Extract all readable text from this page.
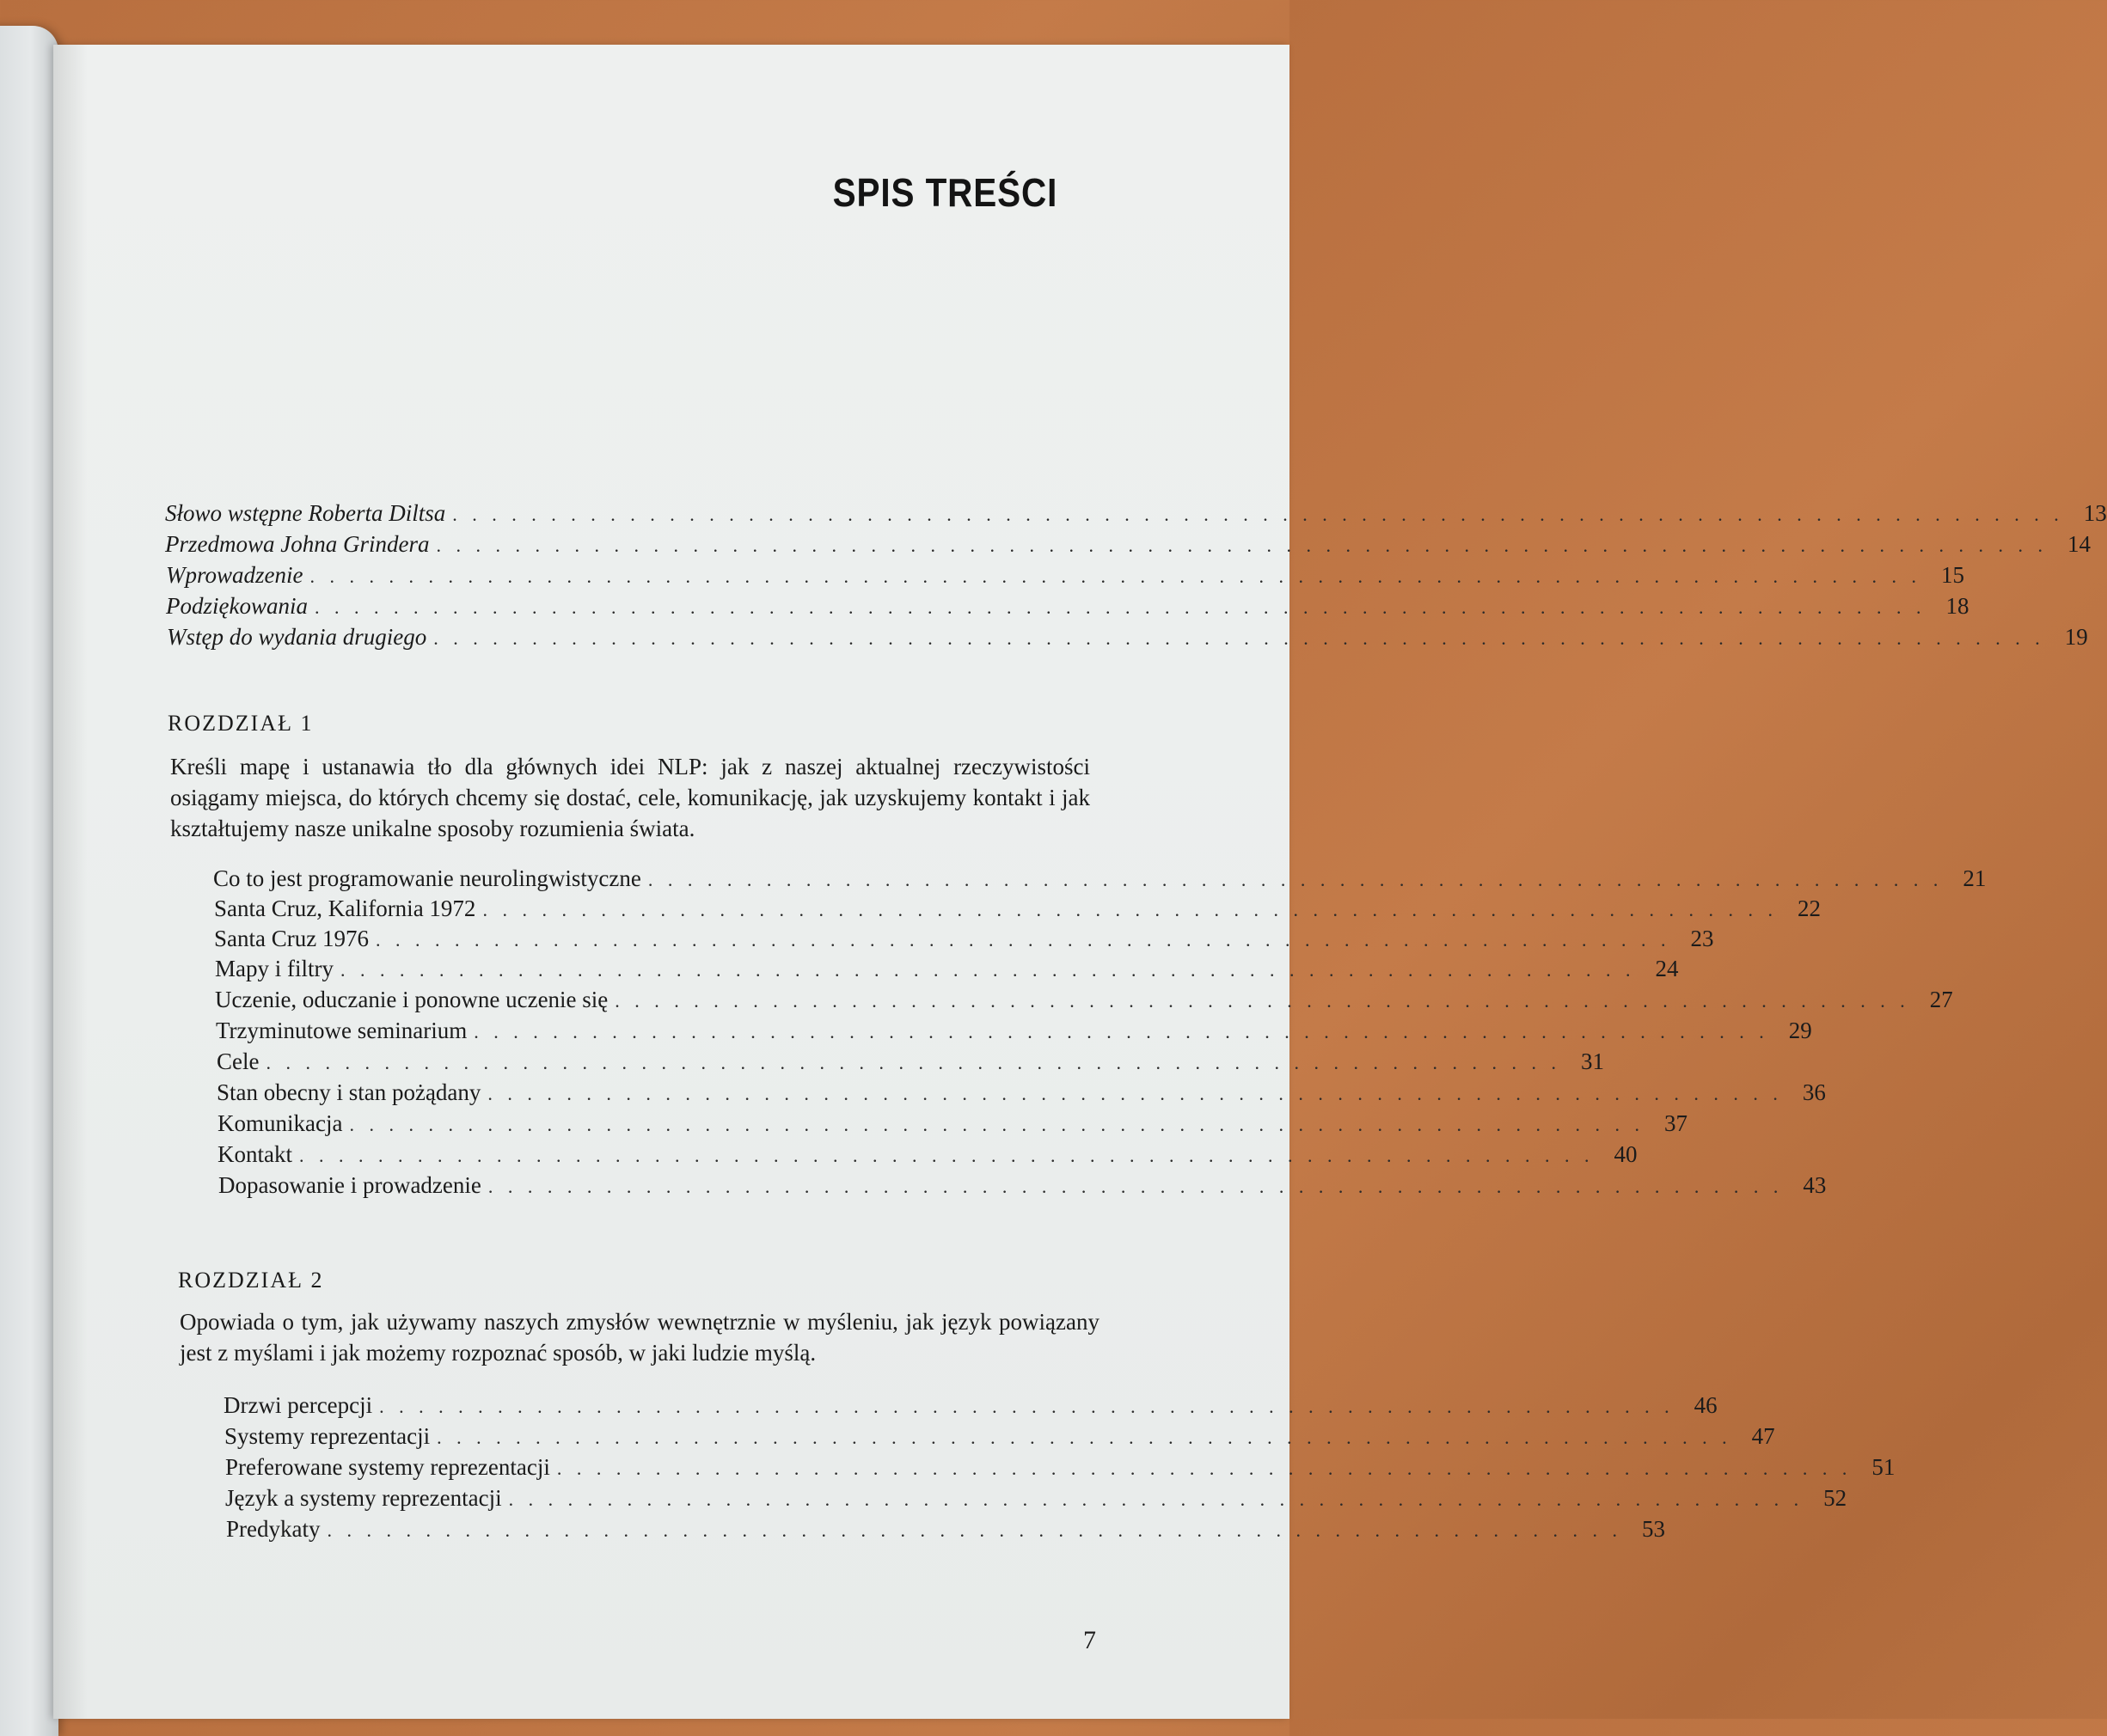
SPIS TREŚCI
Słowo wstępne Roberta Diltsa . . . . . . . . . . . . . . . . . . . . . . . . . . . . . . . . . . . . . . . . . . . . . . . . . . . . . . . . . . . . . . . . . . . . . . . . . . . . . . . . . . 13
Przedmowa Johna Grindera . . . . . . . . . . . . . . . . . . . . . . . . . . . . . . . . . . . . . . . . . . . . . . . . . . . . . . . . . . . . . . . . . . . . . . . . . . . . . . . . . . 14
Wprowadzenie . . . . . . . . . . . . . . . . . . . . . . . . . . . . . . . . . . . . . . . . . . . . . . . . . . . . . . . . . . . . . . . . . . . . . . . . . . . . . . . . . . 15
Podziękowania . . . . . . . . . . . . . . . . . . . . . . . . . . . . . . . . . . . . . . . . . . . . . . . . . . . . . . . . . . . . . . . . . . . . . . . . . . . . . . . . . . 18
Wstęp do wydania drugiego . . . . . . . . . . . . . . . . . . . . . . . . . . . . . . . . . . . . . . . . . . . . . . . . . . . . . . . . . . . . . . . . . . . . . . . . . . . . . . . . . . 19
ROZDZIAŁ 1
Kreśli mapę i ustanawia tło dla głównych idei NLP: jak z naszej aktualnej rzeczywistości osiągamy miejsca, do których chcemy się dostać, cele, komunikację, jak uzyskujemy kontakt i jak kształtujemy nasze unikalne sposoby rozumienia świata.
Co to jest programowanie neurolingwistyczne . . . . . . . . . . . . . . . . . . . . . . . . . . . . . . . . . . . . . . . . . . . . . . . . . . . . . . . . . . . . . . . . . . 21
Santa Cruz, Kalifornia 1972 . . . . . . . . . . . . . . . . . . . . . . . . . . . . . . . . . . . . . . . . . . . . . . . . . . . . . . . . . . . . . . . . . . 22
Santa Cruz 1976 . . . . . . . . . . . . . . . . . . . . . . . . . . . . . . . . . . . . . . . . . . . . . . . . . . . . . . . . . . . . . . . . . . 23
Mapy i filtry . . . . . . . . . . . . . . . . . . . . . . . . . . . . . . . . . . . . . . . . . . . . . . . . . . . . . . . . . . . . . . . . . . 24
Uczenie, oduczanie i ponowne uczenie się . . . . . . . . . . . . . . . . . . . . . . . . . . . . . . . . . . . . . . . . . . . . . . . . . . . . . . . . . . . . . . . . . . 27
Trzyminutowe seminarium . . . . . . . . . . . . . . . . . . . . . . . . . . . . . . . . . . . . . . . . . . . . . . . . . . . . . . . . . . . . . . . . . . 29
Cele . . . . . . . . . . . . . . . . . . . . . . . . . . . . . . . . . . . . . . . . . . . . . . . . . . . . . . . . . . . . . . . . . . 31
Stan obecny i stan pożądany . . . . . . . . . . . . . . . . . . . . . . . . . . . . . . . . . . . . . . . . . . . . . . . . . . . . . . . . . . . . . . . . . . 36
Komunikacja . . . . . . . . . . . . . . . . . . . . . . . . . . . . . . . . . . . . . . . . . . . . . . . . . . . . . . . . . . . . . . . . . . 37
Kontakt . . . . . . . . . . . . . . . . . . . . . . . . . . . . . . . . . . . . . . . . . . . . . . . . . . . . . . . . . . . . . . . . . . 40
Dopasowanie i prowadzenie . . . . . . . . . . . . . . . . . . . . . . . . . . . . . . . . . . . . . . . . . . . . . . . . . . . . . . . . . . . . . . . . . . 43
ROZDZIAŁ 2
Opowiada o tym, jak używamy naszych zmysłów wewnętrznie w myśleniu, jak język powiązany jest z myślami i jak możemy rozpoznać sposób, w jaki ludzie myślą.
Drzwi percepcji . . . . . . . . . . . . . . . . . . . . . . . . . . . . . . . . . . . . . . . . . . . . . . . . . . . . . . . . . . . . . . . . . . 46
Systemy reprezentacji . . . . . . . . . . . . . . . . . . . . . . . . . . . . . . . . . . . . . . . . . . . . . . . . . . . . . . . . . . . . . . . . . . 47
Preferowane systemy reprezentacji . . . . . . . . . . . . . . . . . . . . . . . . . . . . . . . . . . . . . . . . . . . . . . . . . . . . . . . . . . . . . . . . . . 51
Język a systemy reprezentacji . . . . . . . . . . . . . . . . . . . . . . . . . . . . . . . . . . . . . . . . . . . . . . . . . . . . . . . . . . . . . . . . . . 52
Predykaty . . . . . . . . . . . . . . . . . . . . . . . . . . . . . . . . . . . . . . . . . . . . . . . . . . . . . . . . . . . . . . . . . . 53
7
